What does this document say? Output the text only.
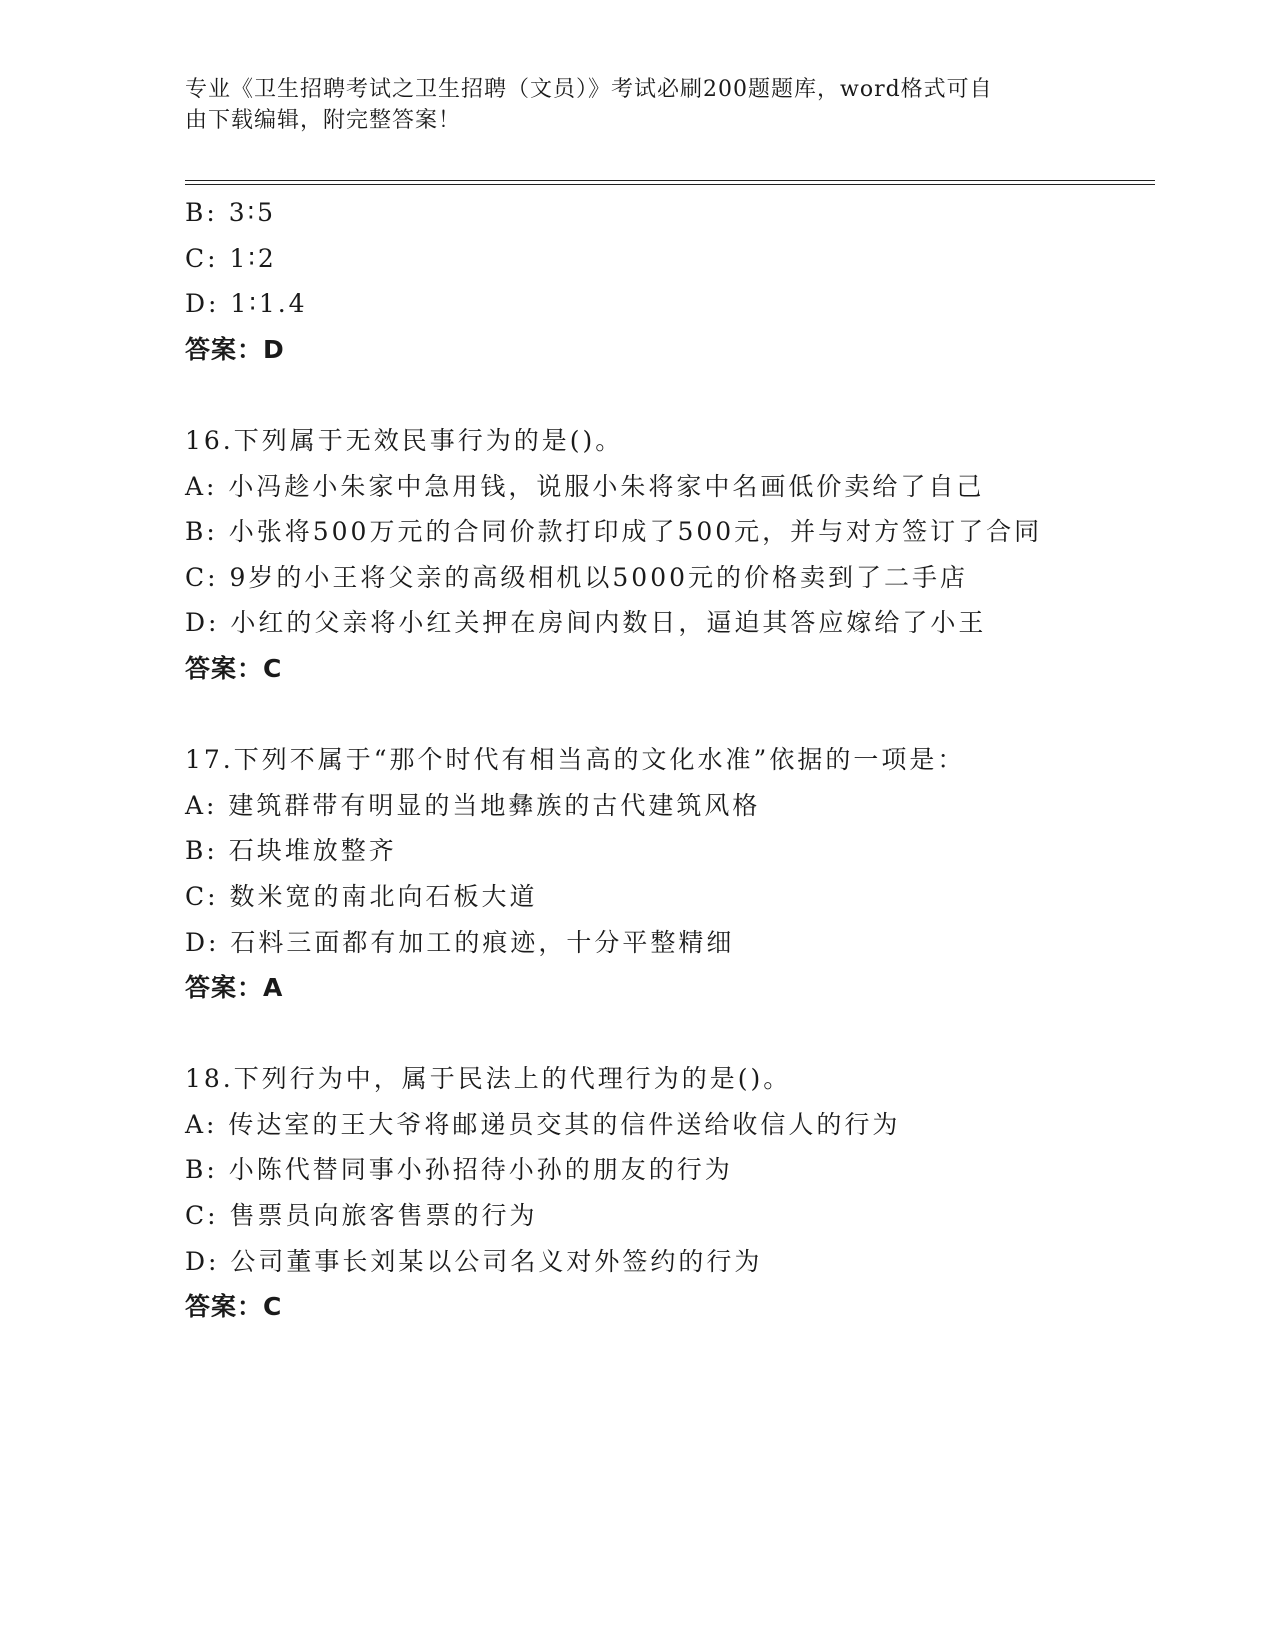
专业《卫生招聘考试之卫生招聘（文员）》考试必刷200题题库，word格式可自
由下载编辑，附完整答案！
B: 3∶5
C: 1∶2
D: 1∶1.4
答案：D
16.下列属于无效民事行为的是()。
A: 小冯趁小朱家中急用钱，说服小朱将家中名画低价卖给了自己
B: 小张将500万元的合同价款打印成了500元，并与对方签订了合同
C: 9岁的小王将父亲的高级相机以5000元的价格卖到了二手店
D: 小红的父亲将小红关押在房间内数日，逼迫其答应嫁给了小王
答案：C
17.下列不属于“那个时代有相当高的文化水准”依据的一项是：
A: 建筑群带有明显的当地彝族的古代建筑风格
B: 石块堆放整齐
C: 数米宽的南北向石板大道
D: 石料三面都有加工的痕迹，十分平整精细
答案：A
18.下列行为中，属于民法上的代理行为的是()。
A: 传达室的王大爷将邮递员交其的信件送给收信人的行为
B: 小陈代替同事小孙招待小孙的朋友的行为
C: 售票员向旅客售票的行为
D: 公司董事长刘某以公司名义对外签约的行为
答案：C
